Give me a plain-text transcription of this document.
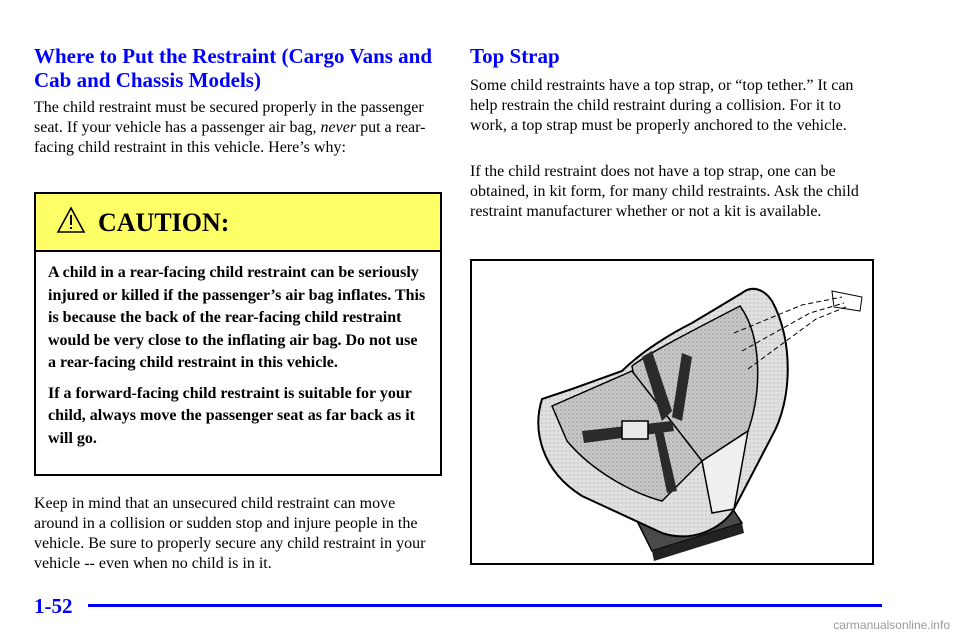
Where to Put the Restraint (Cargo Vans and Cab and Chassis Models)

The child restraint must be secured properly in the passenger seat. If your vehicle has a passenger air bag, never put a rear-facing child restraint in this vehicle. Here’s why:

CAUTION:

A child in a rear-facing child restraint can be seriously injured or killed if the passenger’s air bag inflates. This is because the back of the rear-facing child restraint would be very close to the inflating air bag. Do not use a rear-facing child restraint in this vehicle.

If a forward-facing child restraint is suitable for your child, always move the passenger seat as far back as it will go.

Keep in mind that an unsecured child restraint can move around in a collision or sudden stop and injure people in the vehicle. Be sure to properly secure any child restraint in your vehicle -- even when no child is in it.

Top Strap

Some child restraints have a top strap, or “top tether.” It can help restrain the child restraint during a collision. For it to work, a top strap must be properly anchored to the vehicle.

If the child restraint does not have a top strap, one can be obtained, in kit form, for many child restraints. Ask the child restraint manufacturer whether or not a kit is available.

1-52
carmanualsonline.info
